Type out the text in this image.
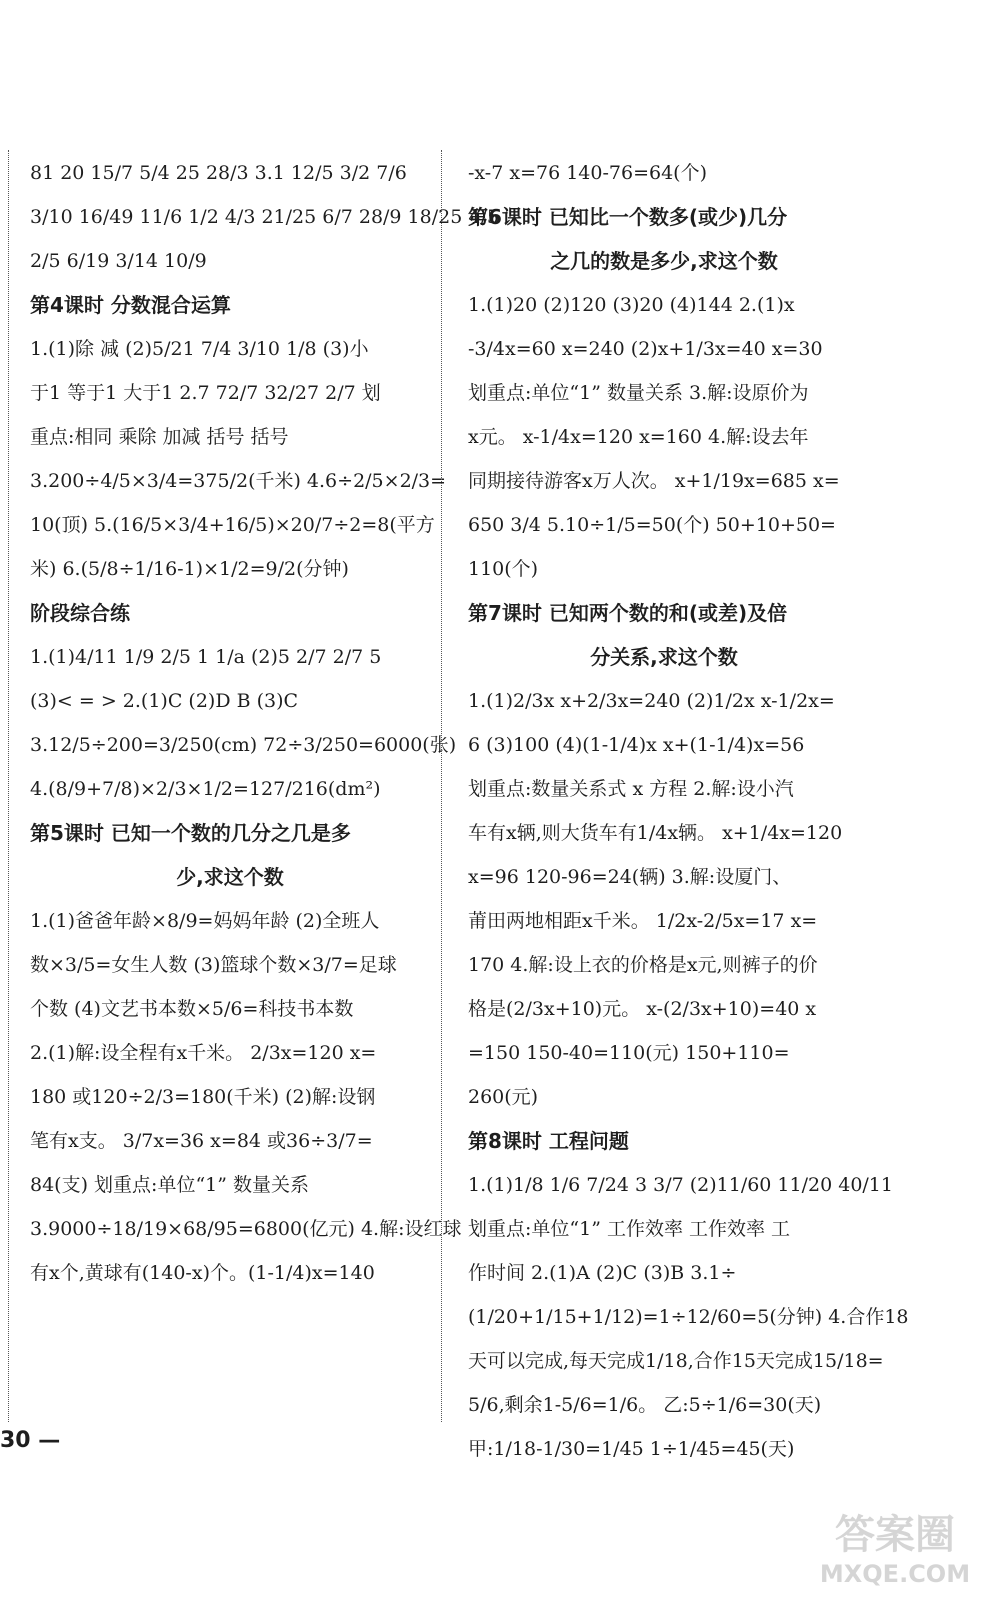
81 20 15/7 5/4 25 28/3 3.1 12/5 3/2 7/6
3/10 16/49 11/6 1/2 4/3 21/25 6/7 28/9 18/25 4/5
2/5 6/19 3/14 10/9
第4课时 分数混合运算
1.(1)除 减 (2)5/21 7/4 3/10 1/8 (3)小
于1 等于1 大于1 2.7 72/7 32/27 2/7 划
重点:相同 乘除 加减 括号 括号
3.200÷4/5×3/4=375/2(千米) 4.6÷2/5×2/3=
10(顶) 5.(16/5×3/4+16/5)×20/7÷2=8(平方
米) 6.(5/8÷1/16-1)×1/2=9/2(分钟)
阶段综合练
1.(1)4/11 1/9 2/5 1 1/a (2)5 2/7 2/7 5
(3)< = > 2.(1)C (2)D B (3)C
3.12/5÷200=3/250(cm) 72÷3/250=6000(张)
4.(8/9+7/8)×2/3×1/2=127/216(dm²)
第5课时 已知一个数的几分之几是多
少,求这个数
1.(1)爸爸年龄×8/9=妈妈年龄 (2)全班人
数×3/5=女生人数 (3)篮球个数×3/7=足球
个数 (4)文艺书本数×5/6=科技书本数
2.(1)解:设全程有x千米。 2/3x=120 x=
180 或120÷2/3=180(千米) (2)解:设钢
笔有x支。 3/7x=36 x=84 或36÷3/7=
84(支) 划重点:单位“1” 数量关系
3.9000÷18/19×68/95=6800(亿元) 4.解:设红球
有x个,黄球有(140-x)个。(1-1/4)x=140
-x-7 x=76 140-76=64(个)
第6课时 已知比一个数多(或少)几分
之几的数是多少,求这个数
1.(1)20 (2)120 (3)20 (4)144 2.(1)x
-3/4x=60 x=240 (2)x+1/3x=40 x=30
划重点:单位“1” 数量关系 3.解:设原价为
x元。 x-1/4x=120 x=160 4.解:设去年
同期接待游客x万人次。 x+1/19x=685 x=
650 3/4 5.10÷1/5=50(个) 50+10+50=
110(个)
第7课时 已知两个数的和(或差)及倍
分关系,求这个数
1.(1)2/3x x+2/3x=240 (2)1/2x x-1/2x=
6 (3)100 (4)(1-1/4)x x+(1-1/4)x=56
划重点:数量关系式 x 方程 2.解:设小汽
车有x辆,则大货车有1/4x辆。 x+1/4x=120
x=96 120-96=24(辆) 3.解:设厦门、
莆田两地相距x千米。 1/2x-2/5x=17 x=
170 4.解:设上衣的价格是x元,则裤子的价
格是(2/3x+10)元。 x-(2/3x+10)=40 x
=150 150-40=110(元) 150+110=
260(元)
第8课时 工程问题
1.(1)1/8 1/6 7/24 3 3/7 (2)11/60 11/20 40/11
划重点:单位“1” 工作效率 工作效率 工
作时间 2.(1)A (2)C (3)B 3.1÷
(1/20+1/15+1/12)=1÷12/60=5(分钟) 4.合作18
天可以完成,每天完成1/18,合作15天完成15/18=
5/6,剩余1-5/6=1/6。 乙:5÷1/6=30(天)
甲:1/18-1/30=1/45 1÷1/45=45(天)
30 —
答案圈
MXQE.COM
